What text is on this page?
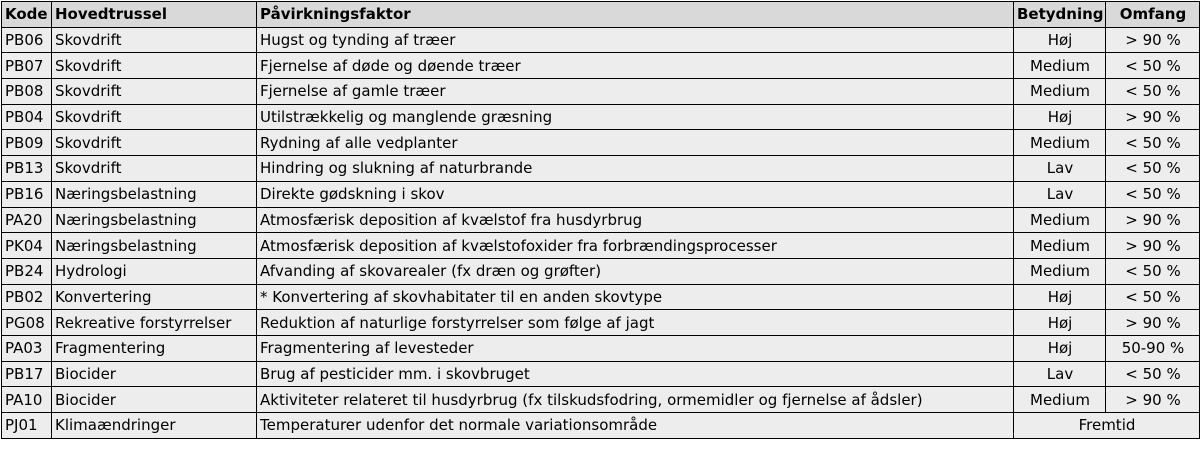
Kode	Hovedtrussel	Påvirkningsfaktor	Betydning	Omfang
PB06	Skovdrift	Hugst og tynding af træer	Høj	> 90 %
PB07	Skovdrift	Fjernelse af døde og døende træer	Medium	< 50 %
PB08	Skovdrift	Fjernelse af gamle træer	Medium	< 50 %
PB04	Skovdrift	Utilstrækkelig og manglende græsning	Høj	> 90 %
PB09	Skovdrift	Rydning af alle vedplanter	Medium	< 50 %
PB13	Skovdrift	Hindring og slukning af naturbrande	Lav	< 50 %
PB16	Næringsbelastning	Direkte gødskning i skov	Lav	< 50 %
PA20	Næringsbelastning	Atmosfærisk deposition af kvælstof fra husdyrbrug	Medium	> 90 %
PK04	Næringsbelastning	Atmosfærisk deposition af kvælstofoxider fra forbrændingsprocesser	Medium	> 90 %
PB24	Hydrologi	Afvanding af skovarealer (fx dræn og grøfter)	Medium	< 50 %
PB02	Konvertering	* Konvertering af skovhabitater til en anden skovtype	Høj	< 50 %
PG08	Rekreative forstyrrelser	Reduktion af naturlige forstyrrelser som følge af jagt	Høj	> 90 %
PA03	Fragmentering	Fragmentering af levesteder	Høj	50-90 %
PB17	Biocider	Brug af pesticider mm. i skovbruget	Lav	< 50 %
PA10	Biocider	Aktiviteter relateret til husdyrbrug (fx tilskudsfodring, ormemidler og fjernelse af ådsler)	Medium	> 90 %
PJ01	Klimaændringer	Temperaturer udenfor det normale variationsområde	Fremtid	
